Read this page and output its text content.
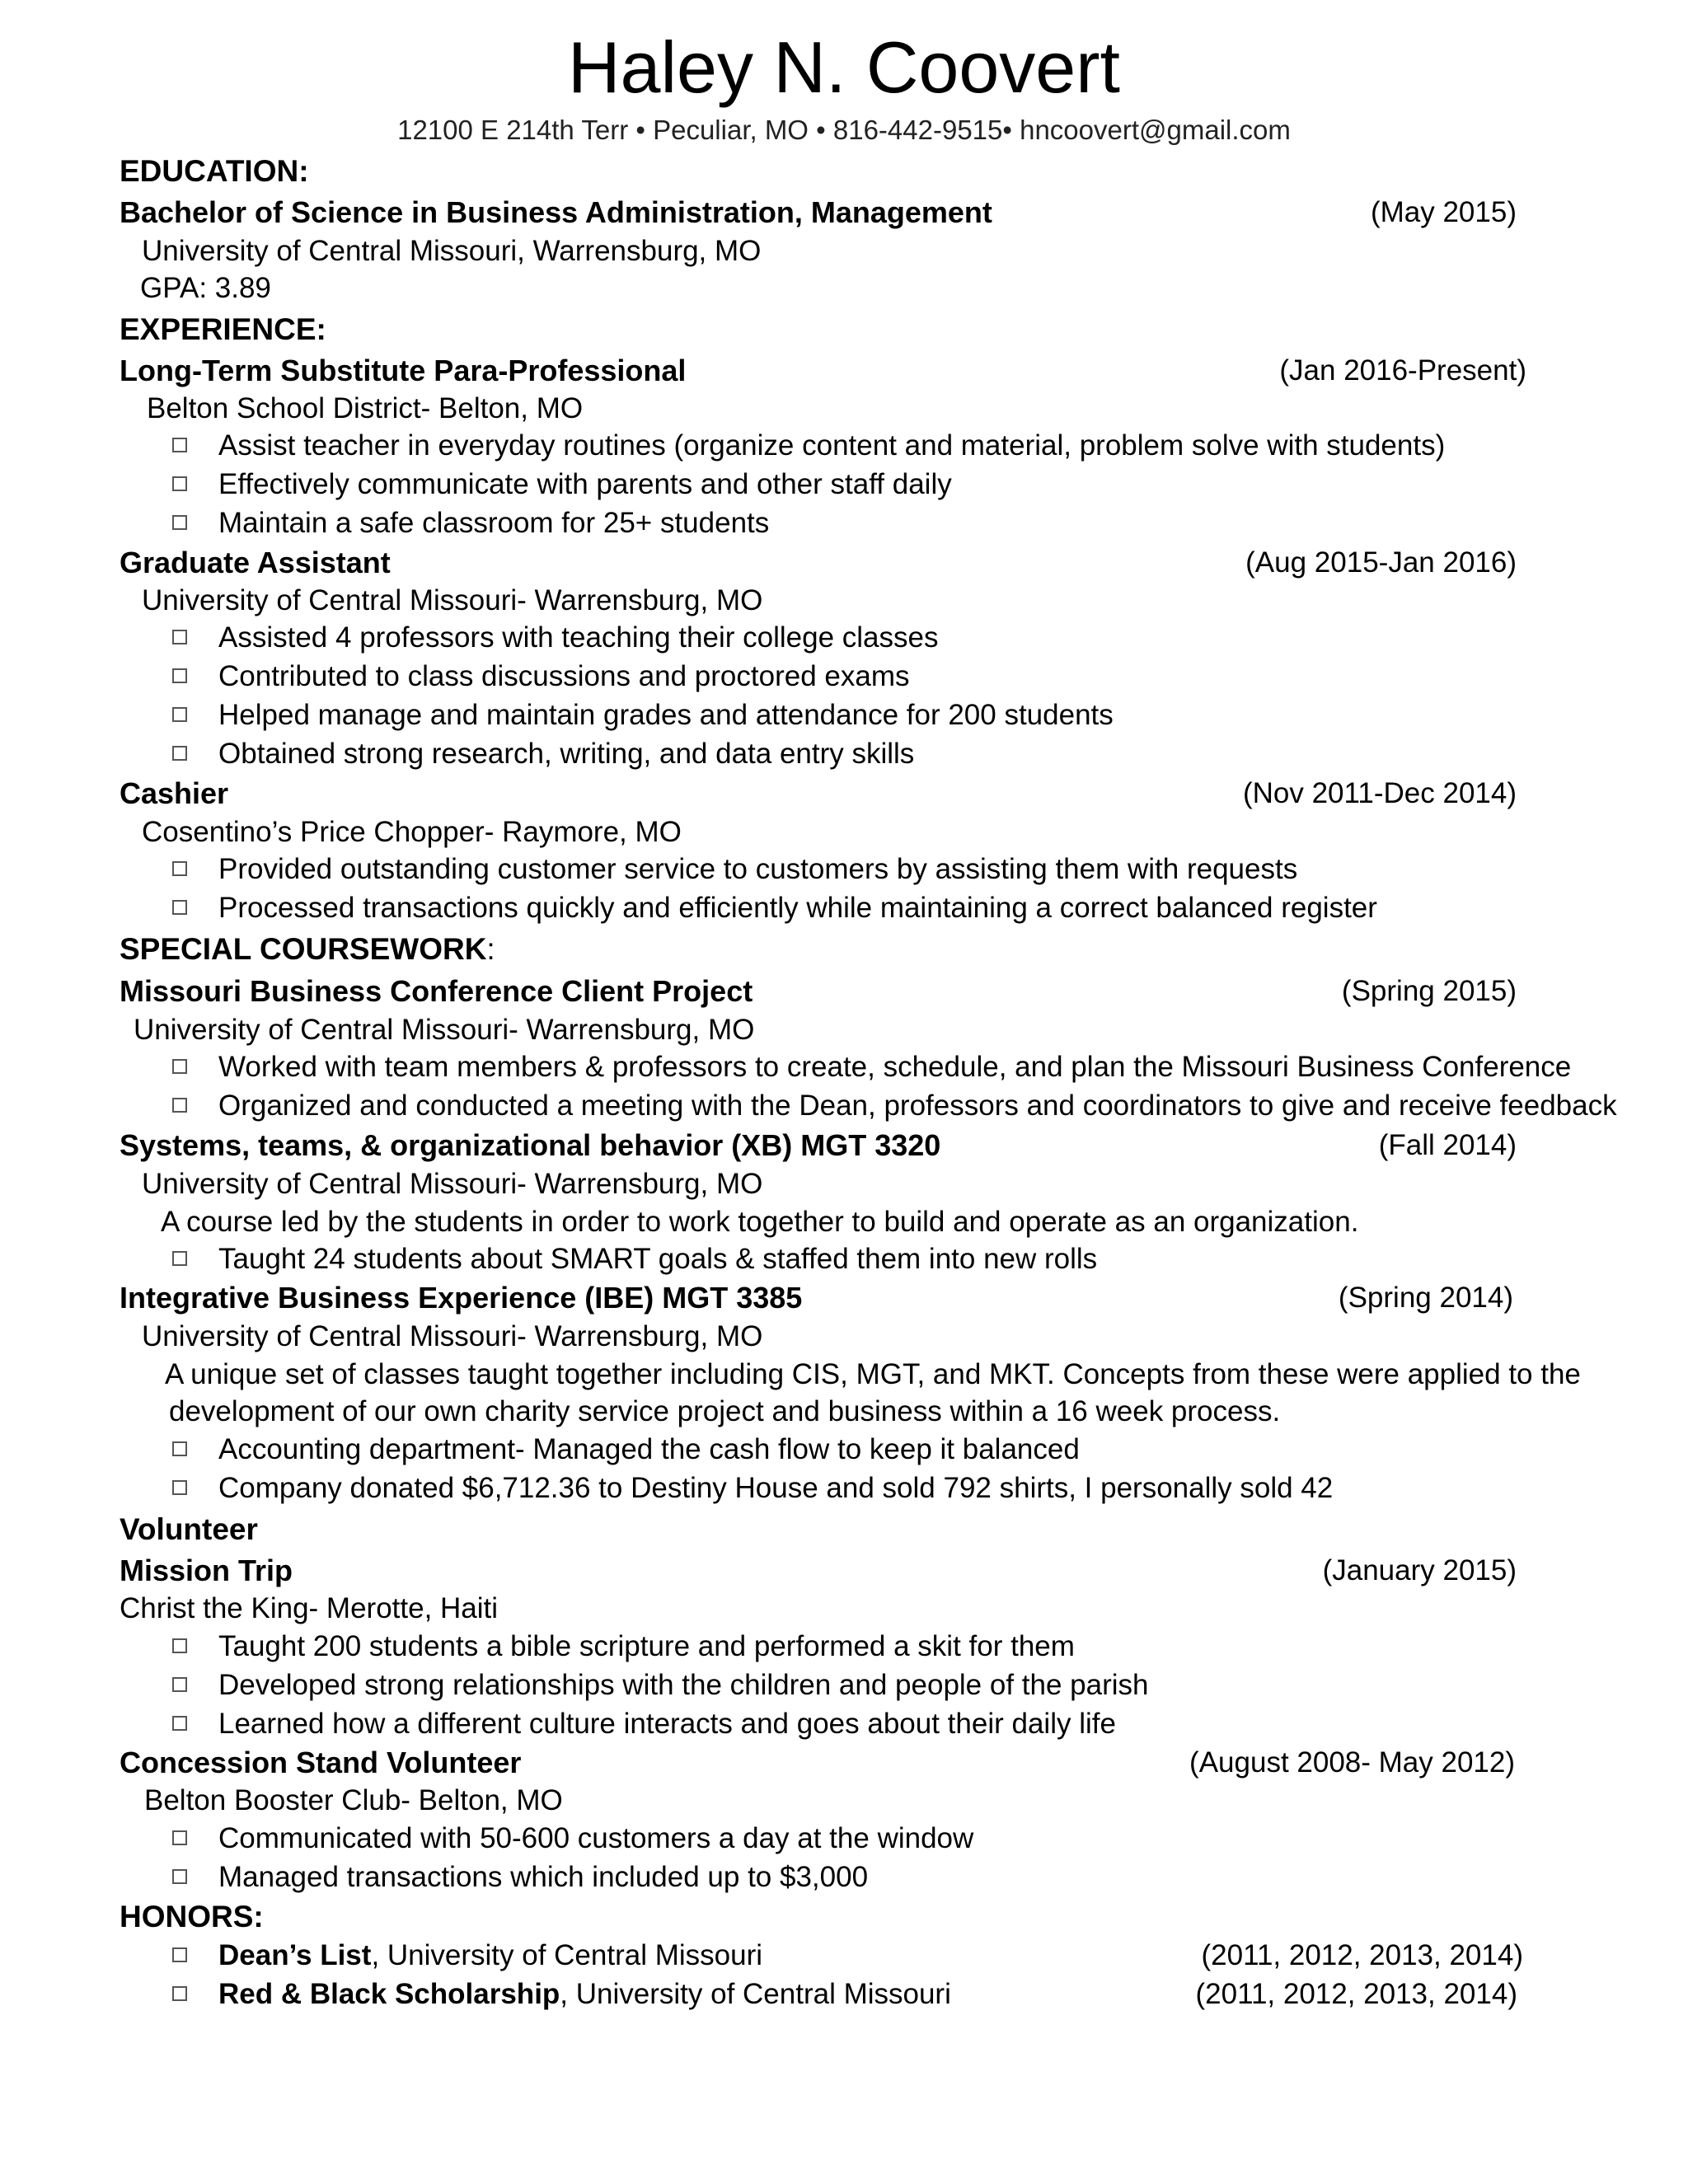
Haley N. Coovert
12100 E 214th Terr • Peculiar, MO • 816-442-9515• hncoovert@gmail.com
EDUCATION:
Bachelor of Science in Business Administration, Management	(May 2015)
University of Central Missouri, Warrensburg, MO
GPA: 3.89
EXPERIENCE:
Long-Term Substitute Para-Professional	(Jan 2016-Present)
Belton School District- Belton, MO
Assist teacher in everyday routines (organize content and material, problem solve with students)
Effectively communicate with parents and other staff daily
Maintain a safe classroom for 25+ students
Graduate Assistant	(Aug 2015-Jan 2016)
University of Central Missouri- Warrensburg, MO
Assisted 4 professors with teaching their college classes
Contributed to class discussions and proctored exams
Helped manage and maintain grades and attendance for 200 students
Obtained strong research, writing, and data entry skills
Cashier	(Nov 2011-Dec 2014)
Cosentino’s Price Chopper- Raymore, MO
Provided outstanding customer service to customers by assisting them with requests
Processed transactions quickly and efficiently while maintaining a correct balanced register
SPECIAL COURSEWORK:
Missouri Business Conference Client Project	(Spring 2015)
University of Central Missouri- Warrensburg, MO
Worked with team members & professors to create, schedule, and plan the Missouri Business Conference
Organized and conducted a meeting with the Dean, professors and coordinators to give and receive feedback
Systems, teams, & organizational behavior (XB) MGT 3320	(Fall 2014)
University of Central Missouri- Warrensburg, MO
A course led by the students in order to work together to build and operate as an organization.
Taught 24 students about SMART goals & staffed them into new rolls
Integrative Business Experience (IBE) MGT 3385	(Spring 2014)
University of Central Missouri- Warrensburg, MO
A unique set of classes taught together including CIS, MGT, and MKT. Concepts from these were applied to the
development of our own charity service project and business within a 16 week process.
Accounting department- Managed the cash flow to keep it balanced
Company donated $6,712.36 to Destiny House and sold 792 shirts, I personally sold 42
Volunteer
Mission Trip	(January 2015)
Christ the King- Merotte, Haiti
Taught 200 students a bible scripture and performed a skit for them
Developed strong relationships with the children and people of the parish
Learned how a different culture interacts and goes about their daily life
Concession Stand Volunteer	(August 2008- May 2012)
Belton Booster Club- Belton, MO
Communicated with 50-600 customers a day at the window
Managed transactions which included up to $3,000
HONORS:
Dean’s List, University of Central Missouri	(2011, 2012, 2013, 2014)
Red & Black Scholarship, University of Central Missouri	(2011, 2012, 2013, 2014)
